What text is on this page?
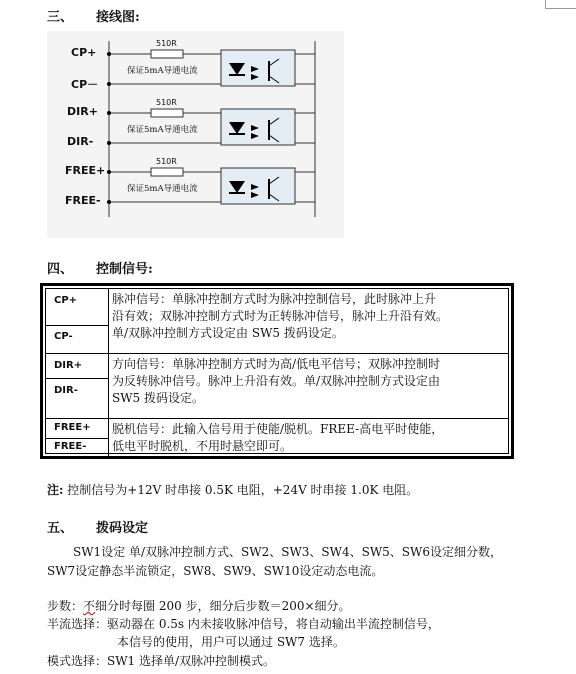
三、 接线图:
CP+
CP－
DIR+
DIR-
FREE+
FREE-
510R
保证5mA导通电流
510R
保证5mA导通电流
510R
保证5mA导通电流
四、 控制信号:
CP+
CP-
脉冲信号：单脉冲控制方式时为脉冲控制信号，此时脉冲上升
沿有效；双脉冲控制方式时为正转脉冲信号，脉冲上升沿有效。
单/双脉冲控制方式设定由 SW5 拨码设定。
DIR+
DIR-
方向信号：单脉冲控制方式时为高/低电平信号；双脉冲控制时
为反转脉冲信号。脉冲上升沿有效。单/双脉冲控制方式设定由
SW5 拨码设定。
FREE+
FREE-
脱机信号：此输入信号用于使能/脱机。FREE-高电平时使能，
低电平时脱机，不用时悬空即可。
注: 控制信号为+12V 时串接 0.5K 电阻，+24V 时串接 1.0K 电阻。
五、 拨码设定
SW1设定 单/双脉冲控制方式、SW2、SW3、SW4、SW5、SW6设定细分数，
SW7设定静态半流锁定，SW8、SW9、SW10设定动态电流。
步数：不细分时每圈 200 步，细分后步数＝200×细分。
半流选择：驱动器在 0.5s 内未接收脉冲信号，将自动输出半流控制信号，
本信号的使用，用户可以通过 SW7 选择。
模式选择：SW1 选择单/双脉冲控制模式。
